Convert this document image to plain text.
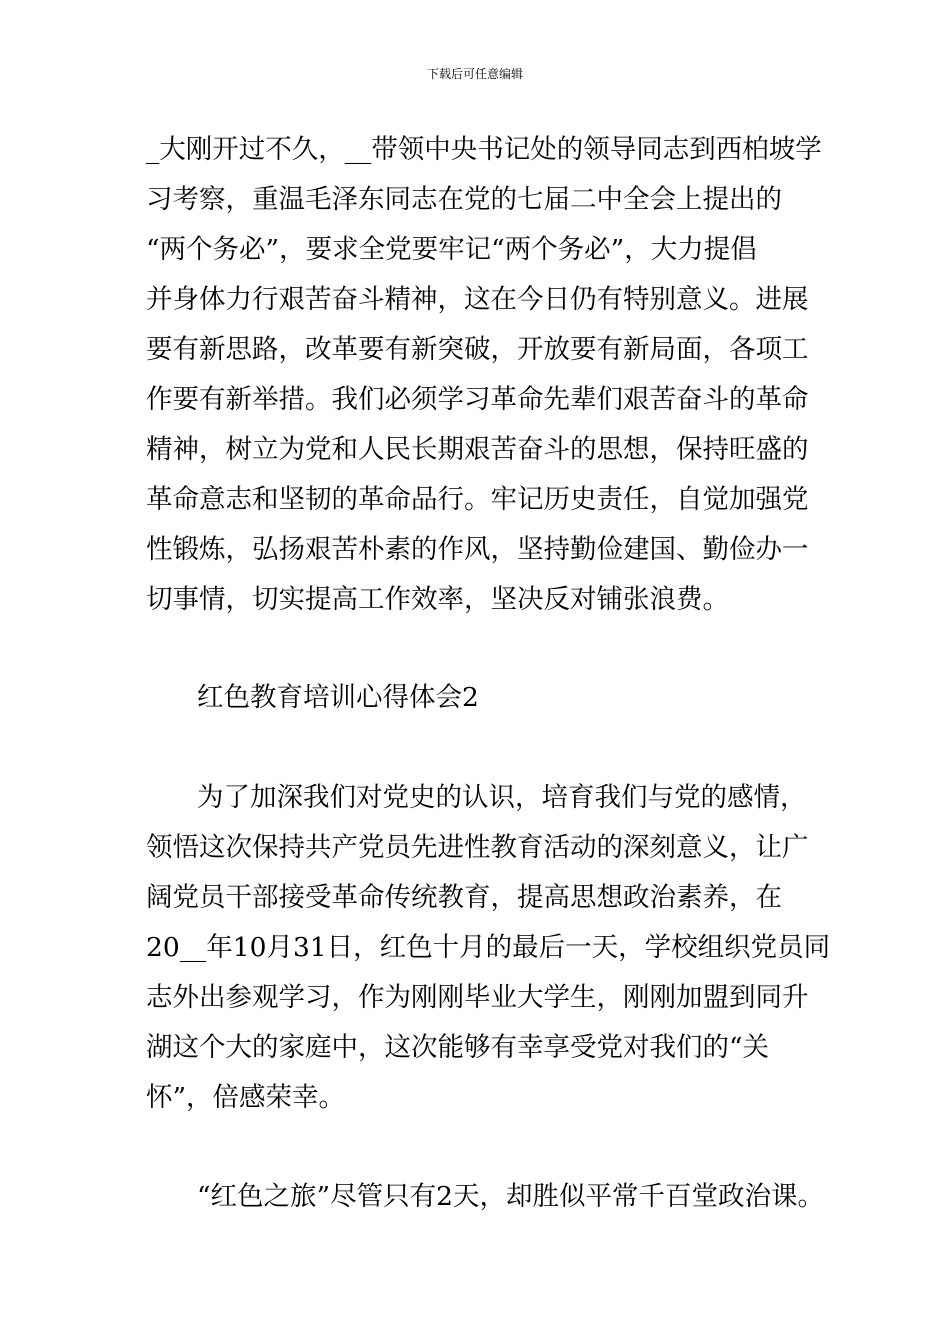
下载后可任意编辑
_大刚开过不久，__带领中央书记处的领导同志到西柏坡学
习考察，重温毛泽东同志在党的七届二中全会上提出的
“两个务必”，要求全党要牢记“两个务必”，大力提倡
并身体力行艰苦奋斗精神，这在今日仍有特别意义。进展
要有新思路，改革要有新突破，开放要有新局面，各项工
作要有新举措。我们必须学习革命先辈们艰苦奋斗的革命
精神，树立为党和人民长期艰苦奋斗的思想，保持旺盛的
革命意志和坚韧的革命品行。牢记历史责任，自觉加强党
性锻炼，弘扬艰苦朴素的作风，坚持勤俭建国、勤俭办一
切事情，切实提高工作效率，坚决反对铺张浪费。
红色教育培训心得体会2
为了加深我们对党史的认识，培育我们与党的感情，
领悟这次保持共产党员先进性教育活动的深刻意义，让广
阔党员干部接受革命传统教育，提高思想政治素养，在
20__年10月31日，红色十月的最后一天，学校组织党员同
志外出参观学习，作为刚刚毕业大学生，刚刚加盟到同升
湖这个大的家庭中，这次能够有幸享受党对我们的“关
怀”，倍感荣幸。
“红色之旅”尽管只有2天，却胜似平常千百堂政治课。
